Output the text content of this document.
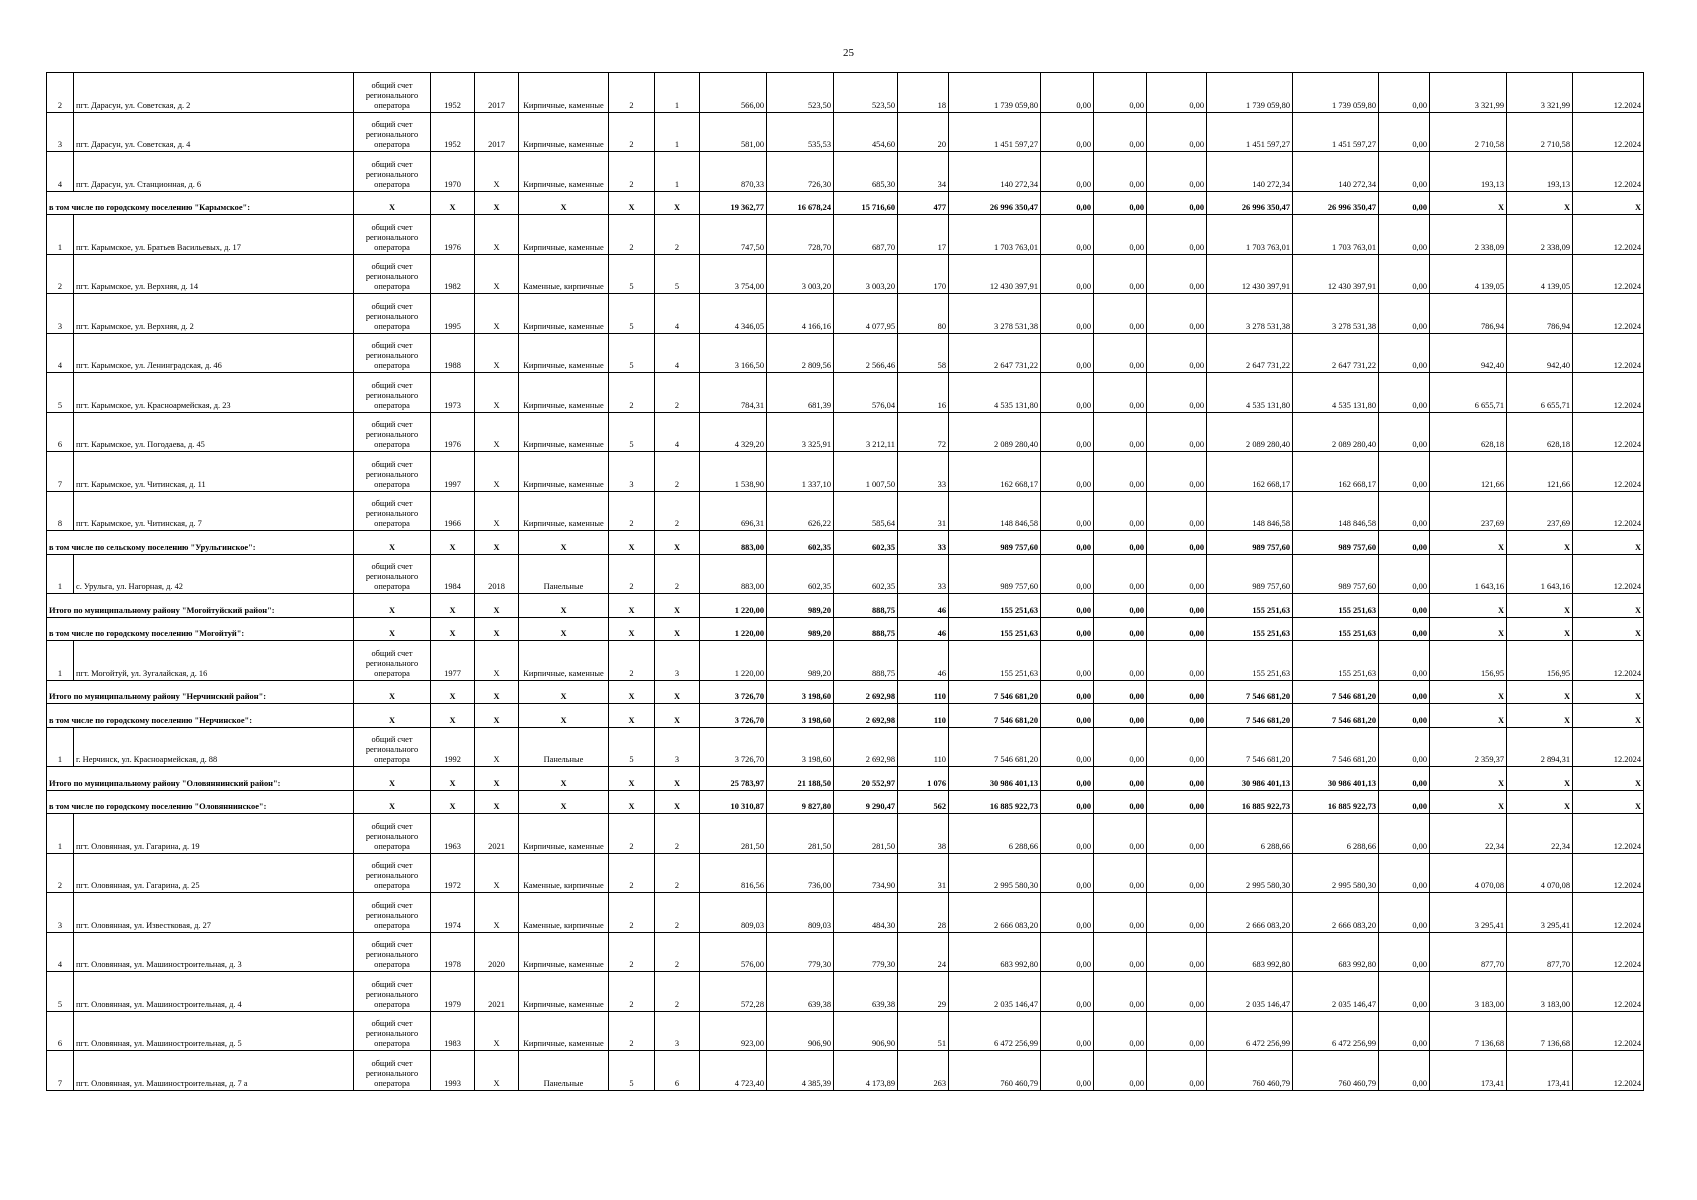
25
2	пгт. Дарасун, ул. Советская, д. 2	общий счет регионального оператора	1952	2017	Кирпичные, каменные	2	1	566,00	523,50	523,50	18	1 739 059,80	0,00	0,00	0,00	1 739 059,80	1 739 059,80	0,00	3 321,99	3 321,99	12.2024
3	пгт. Дарасун, ул. Советская, д. 4	общий счет регионального оператора	1952	2017	Кирпичные, каменные	2	1	581,00	535,53	454,60	20	1 451 597,27	0,00	0,00	0,00	1 451 597,27	1 451 597,27	0,00	2 710,58	2 710,58	12.2024
4	пгт. Дарасун, ул. Станционная, д. 6	общий счет регионального оператора	1970	Х	Кирпичные, каменные	2	1	870,33	726,30	685,30	34	140 272,34	0,00	0,00	0,00	140 272,34	140 272,34	0,00	193,13	193,13	12.2024
в том числе по городскому поселению "Карымское":		Х	Х	Х	Х	Х	Х	19 362,77	16 678,24	15 716,60	477	26 996 350,47	0,00	0,00	0,00	26 996 350,47	26 996 350,47	0,00	Х	Х	Х
1	пгт. Карымское, ул. Братьев Васильевых, д. 17	общий счет регионального оператора	1976	Х	Кирпичные, каменные	2	2	747,50	728,70	687,70	17	1 703 763,01	0,00	0,00	0,00	1 703 763,01	1 703 763,01	0,00	2 338,09	2 338,09	12.2024
2	пгт. Карымское, ул. Верхняя, д. 14	общий счет регионального оператора	1982	Х	Каменные, кирпичные	5	5	3 754,00	3 003,20	3 003,20	170	12 430 397,91	0,00	0,00	0,00	12 430 397,91	12 430 397,91	0,00	4 139,05	4 139,05	12.2024
3	пгт. Карымское, ул. Верхняя, д. 2	общий счет регионального оператора	1995	Х	Кирпичные, каменные	5	4	4 346,05	4 166,16	4 077,95	80	3 278 531,38	0,00	0,00	0,00	3 278 531,38	3 278 531,38	0,00	786,94	786,94	12.2024
4	пгт. Карымское, ул. Ленинградская, д. 46	общий счет регионального оператора	1988	Х	Кирпичные, каменные	5	4	3 166,50	2 809,56	2 566,46	58	2 647 731,22	0,00	0,00	0,00	2 647 731,22	2 647 731,22	0,00	942,40	942,40	12.2024
5	пгт. Карымское, ул. Красноармейская, д. 23	общий счет регионального оператора	1973	Х	Кирпичные, каменные	2	2	784,31	681,39	576,04	16	4 535 131,80	0,00	0,00	0,00	4 535 131,80	4 535 131,80	0,00	6 655,71	6 655,71	12.2024
6	пгт. Карымское, ул. Погодаева, д. 45	общий счет регионального оператора	1976	Х	Кирпичные, каменные	5	4	4 329,20	3 325,91	3 212,11	72	2 089 280,40	0,00	0,00	0,00	2 089 280,40	2 089 280,40	0,00	628,18	628,18	12.2024
7	пгт. Карымское, ул. Читинская, д. 11	общий счет регионального оператора	1997	Х	Кирпичные, каменные	3	2	1 538,90	1 337,10	1 007,50	33	162 668,17	0,00	0,00	0,00	162 668,17	162 668,17	0,00	121,66	121,66	12.2024
8	пгт. Карымское, ул. Читинская, д. 7	общий счет регионального оператора	1966	Х	Кирпичные, каменные	2	2	696,31	626,22	585,64	31	148 846,58	0,00	0,00	0,00	148 846,58	148 846,58	0,00	237,69	237,69	12.2024
в том числе по сельскому поселению "Урульгинское":		Х	Х	Х	Х	Х	Х	883,00	602,35	602,35	33	989 757,60	0,00	0,00	0,00	989 757,60	989 757,60	0,00	Х	Х	Х
1	с. Урульга, ул. Нагорная, д. 42	общий счет регионального оператора	1984	2018	Панельные	2	2	883,00	602,35	602,35	33	989 757,60	0,00	0,00	0,00	989 757,60	989 757,60	0,00	1 643,16	1 643,16	12.2024
Итого по муниципальному району "Могойтуйский район":		Х	Х	Х	Х	Х	Х	1 220,00	989,20	888,75	46	155 251,63	0,00	0,00	0,00	155 251,63	155 251,63	0,00	Х	Х	Х
в том числе по городскому поселению "Могойтуй":		Х	Х	Х	Х	Х	Х	1 220,00	989,20	888,75	46	155 251,63	0,00	0,00	0,00	155 251,63	155 251,63	0,00	Х	Х	Х
1	пгт. Могойтуй, ул. Зугалайская, д. 16	общий счет регионального оператора	1977	Х	Кирпичные, каменные	2	3	1 220,00	989,20	888,75	46	155 251,63	0,00	0,00	0,00	155 251,63	155 251,63	0,00	156,95	156,95	12.2024
Итого по муниципальному району "Нерчинский район":		Х	Х	Х	Х	Х	Х	3 726,70	3 198,60	2 692,98	110	7 546 681,20	0,00	0,00	0,00	7 546 681,20	7 546 681,20	0,00	Х	Х	Х
в том числе по городскому поселению "Нерчинское":		Х	Х	Х	Х	Х	Х	3 726,70	3 198,60	2 692,98	110	7 546 681,20	0,00	0,00	0,00	7 546 681,20	7 546 681,20	0,00	Х	Х	Х
1	г. Нерчинск, ул. Красноармейская, д. 88	общий счет регионального оператора	1992	Х	Панельные	5	3	3 726,70	3 198,60	2 692,98	110	7 546 681,20	0,00	0,00	0,00	7 546 681,20	7 546 681,20	0,00	2 359,37	2 894,31	12.2024
Итого по муниципальному району "Оловяннинский район":		Х	Х	Х	Х	Х	Х	25 783,97	21 188,50	20 552,97	1 076	30 986 401,13	0,00	0,00	0,00	30 986 401,13	30 986 401,13	0,00	Х	Х	Х
в том числе по городскому поселению "Оловяннинское":		Х	Х	Х	Х	Х	Х	10 310,87	9 827,80	9 290,47	562	16 885 922,73	0,00	0,00	0,00	16 885 922,73	16 885 922,73	0,00	Х	Х	Х
1	пгт. Оловянная, ул. Гагарина, д. 19	общий счет регионального оператора	1963	2021	Кирпичные, каменные	2	2	281,50	281,50	281,50	38	6 288,66	0,00	0,00	0,00	6 288,66	6 288,66	0,00	22,34	22,34	12.2024
2	пгт. Оловянная, ул. Гагарина, д. 25	общий счет регионального оператора	1972	Х	Каменные, кирпичные	2	2	816,56	736,00	734,90	31	2 995 580,30	0,00	0,00	0,00	2 995 580,30	2 995 580,30	0,00	4 070,08	4 070,08	12.2024
3	пгт. Оловянная, ул. Известковая, д. 27	общий счет регионального оператора	1974	Х	Каменные, кирпичные	2	2	809,03	809,03	484,30	28	2 666 083,20	0,00	0,00	0,00	2 666 083,20	2 666 083,20	0,00	3 295,41	3 295,41	12.2024
4	пгт. Оловянная, ул. Машиностроительная, д. 3	общий счет регионального оператора	1978	2020	Кирпичные, каменные	2	2	576,00	779,30	779,30	24	683 992,80	0,00	0,00	0,00	683 992,80	683 992,80	0,00	877,70	877,70	12.2024
5	пгт. Оловянная, ул. Машиностроительная, д. 4	общий счет регионального оператора	1979	2021	Кирпичные, каменные	2	2	572,28	639,38	639,38	29	2 035 146,47	0,00	0,00	0,00	2 035 146,47	2 035 146,47	0,00	3 183,00	3 183,00	12.2024
6	пгт. Оловянная, ул. Машиностроительная, д. 5	общий счет регионального оператора	1983	Х	Кирпичные, каменные	2	3	923,00	906,90	906,90	51	6 472 256,99	0,00	0,00	0,00	6 472 256,99	6 472 256,99	0,00	7 136,68	7 136,68	12.2024
7	пгт. Оловянная, ул. Машиностроительная, д. 7 а	общий счет регионального оператора	1993	Х	Панельные	5	6	4 723,40	4 385,39	4 173,89	263	760 460,79	0,00	0,00	0,00	760 460,79	760 460,79	0,00	173,41	173,41	12.2024
